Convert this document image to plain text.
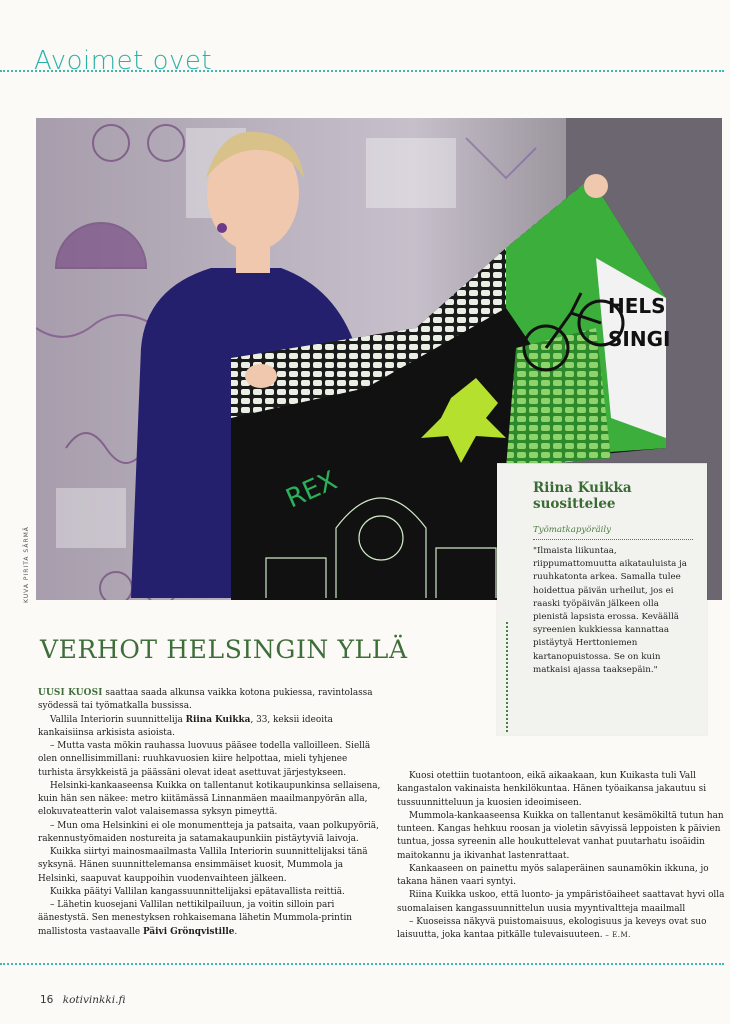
Avoimet ovet
HELS
SINGI
REX
KUVA PIRITA SÄRMÄ
Riina Kuikka suosittelee
Työmatkapyöräily

"Ilmaista liikuntaa, riippumattomuutta aikatauluista ja ruuhkatonta arkea. Samalla tulee hoidettua päivän urheilut, jos ei raaski työpäivän jälkeen olla pienistä lapsista erossa. Keväällä syreenien kukkiessa kannattaa pistäytyä Herttoniemen kartanopuistossa. Se on kuin matkaisi ajassa taaksepäin."

VERHOT HELSINGIN YLLÄ

UUSI KUOSI saattaa saada alkunsa vaikka kotona pukiessa, ravintolassa syödessä tai työmatkalla bussissa.

Vallila Interiorin suunnittelija Riina Kuikka, 33, keksii ideoita kankaisiinsa arkisista asioista.

– Mutta vasta mökin rauhassa luovuus pääsee todella valloilleen. Siellä olen onnellisimmillani: ruuhkavuosien kiire helpottaa, mieli tyhjenee turhista ärsykkeistä ja päässäni olevat ideat asettuvat järjestykseen.

Helsinki-kankaaseensa Kuikka on tallentanut kotikaupunkinsa sellaisena, kuin hän sen näkee: metro kiitämässä Linnanmäen maailmanpyörän alla, elokuvateatterin valot valaisemassa syksyn pimeyttä.

– Mun oma Helsinkini ei ole monumentteja ja patsaita, vaan polkupyöriä, rakennustyömaiden nostureita ja satamakaupunkiin pistäytyviä laivoja.

Kuikka siirtyi mainosmaailmasta Vallila Interiorin suunnittelijaksi tänä syksynä. Hänen suunnittelemansa ensimmäiset kuosit, Mummola ja Helsinki, saapuvat kauppoihin vuodenvaihteen jälkeen.

Kuikka päätyi Vallilan kangassuunnittelijaksi epätavallista reittiä.

– Lähetin kuosejani Vallilan nettikilpailuun, ja voitin silloin pari äänestystä. Sen menestyksen rohkaisemana lähetin Mummola-printin mallistosta vastaavalle Päivi Grönqvistille.

Kuosi otettiin tuotantoon, eikä aikaakaan, kun Kuikasta tuli Vall kangastalon vakinaista henkilökuntaa. Hänen työaikansa jakautuu si tussuunnitteluun ja kuosien ideoimiseen.

Mummola-kankaaseensa Kuikka on tallentanut kesämökiltä tutun han tunteen. Kangas hehkuu roosan ja violetin sävyissä leppoisten k päivien tuntua, jossa syreenin alle houkuttelevat vanhat puutarhatu isoäidin maitokannu ja ikivanhat lastenrattaat.

Kankaaseen on painettu myös salaperäinen saunamökin ikkuna, jo takana hänen vaari syntyi.

Riina Kuikka uskoo, että luonto- ja ympäristöaiheet saattavat hyvi olla suomalaisen kangassuunnittelun uusia myyntivaltteja maailmall

– Kuoseissa näkyvä puistomaisuus, ekologisuus ja keveys ovat suo laisuutta, joka kantaa pitkälle tulevaisuuteen. – E.M.

16 kotivinkki.fi
